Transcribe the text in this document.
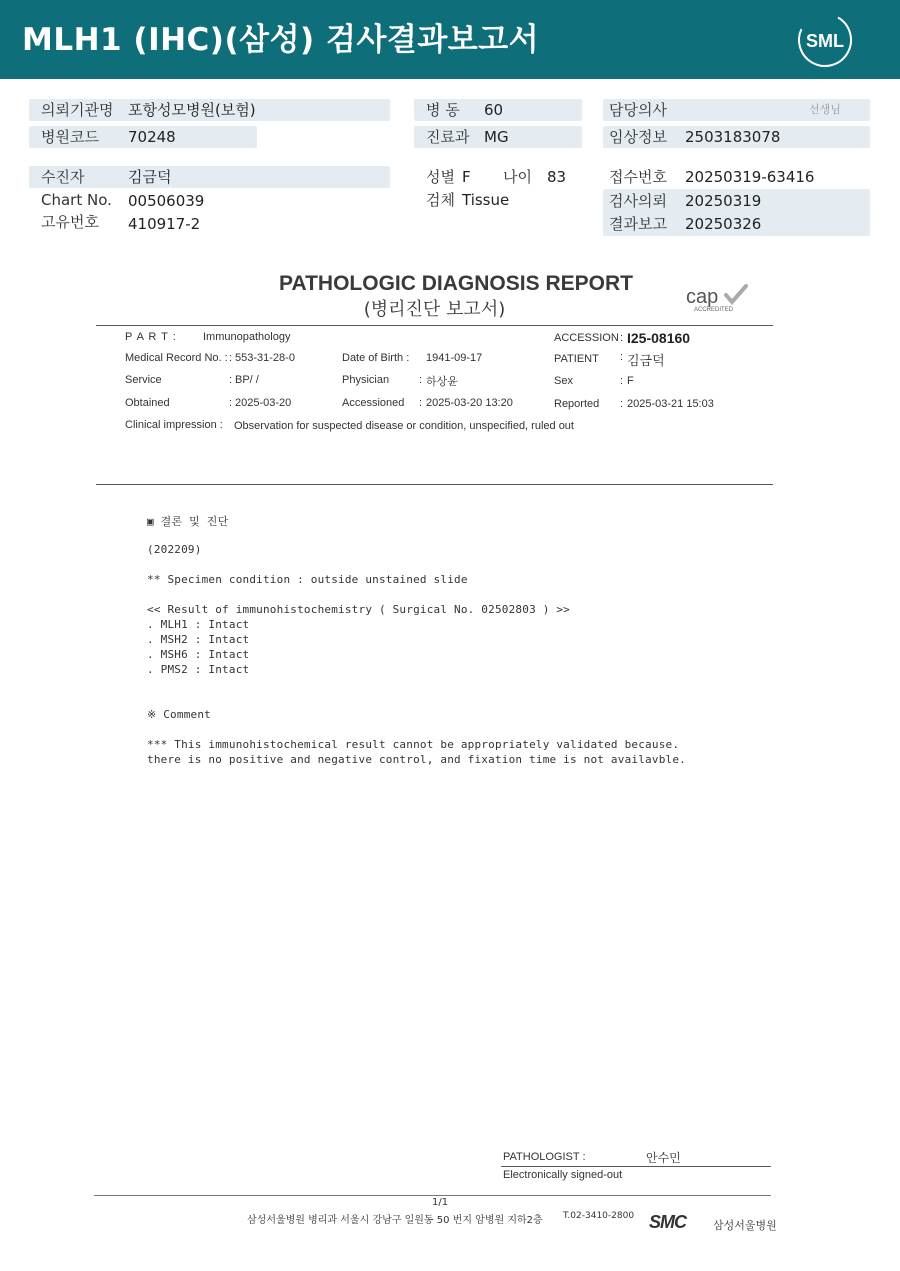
MLH1 (IHC)(삼성) 검사결과보고서	SML
의뢰기관명 포항성모병원(보험)
병원코드 70248
수진자	김금덕
Chart No. 00506039
고유번호 410917-2
병 동 60
진료과 MG
성별 F 나이 83
검체 Tissue
담당의사	선생님
임상정보 2503183078
접수번호 20250319-63416
검사의뢰 20250319
결과보고 20250326
PATHOLOGIC DIAGNOSIS REPORT
(병리진단 보고서)
cap
ACCREDITED
P A R T : Immunopathology	ACCESSION : I25-08160
Medical Record No. : : 553-31-28-0	Date of Birth : 1941-09-17	PATIENT : 김금덕
Service	: BP/ /	Physician	: 하상윤	Sex	: F
Obtained	: 2025-03-20	Accessioned : 2025-03-20 13:20	Reported : 2025-03-21 15:03
Clinical impression : Observation for suspected disease or condition, unspecified, ruled out
▣ 결론 및 진단
(202209)
** Specimen condition : outside unstained slide
<< Result of immunohistochemistry ( Surgical No. 02502803 ) >>
. MLH1 : Intact
. MSH2 : Intact
. MSH6 : Intact
. PMS2 : Intact
※ Comment
*** This immunohistochemical result cannot be appropriately validated because.
there is no positive and negative control, and fixation time is not availavble.
PATHOLOGIST :	안수민
Electronically signed-out
1/1
삼성서울병원 병리과 서울시 강남구 일원동 50 번지 암병원 지하2층 T.02-3410-2800 SMC 삼성서울병원
